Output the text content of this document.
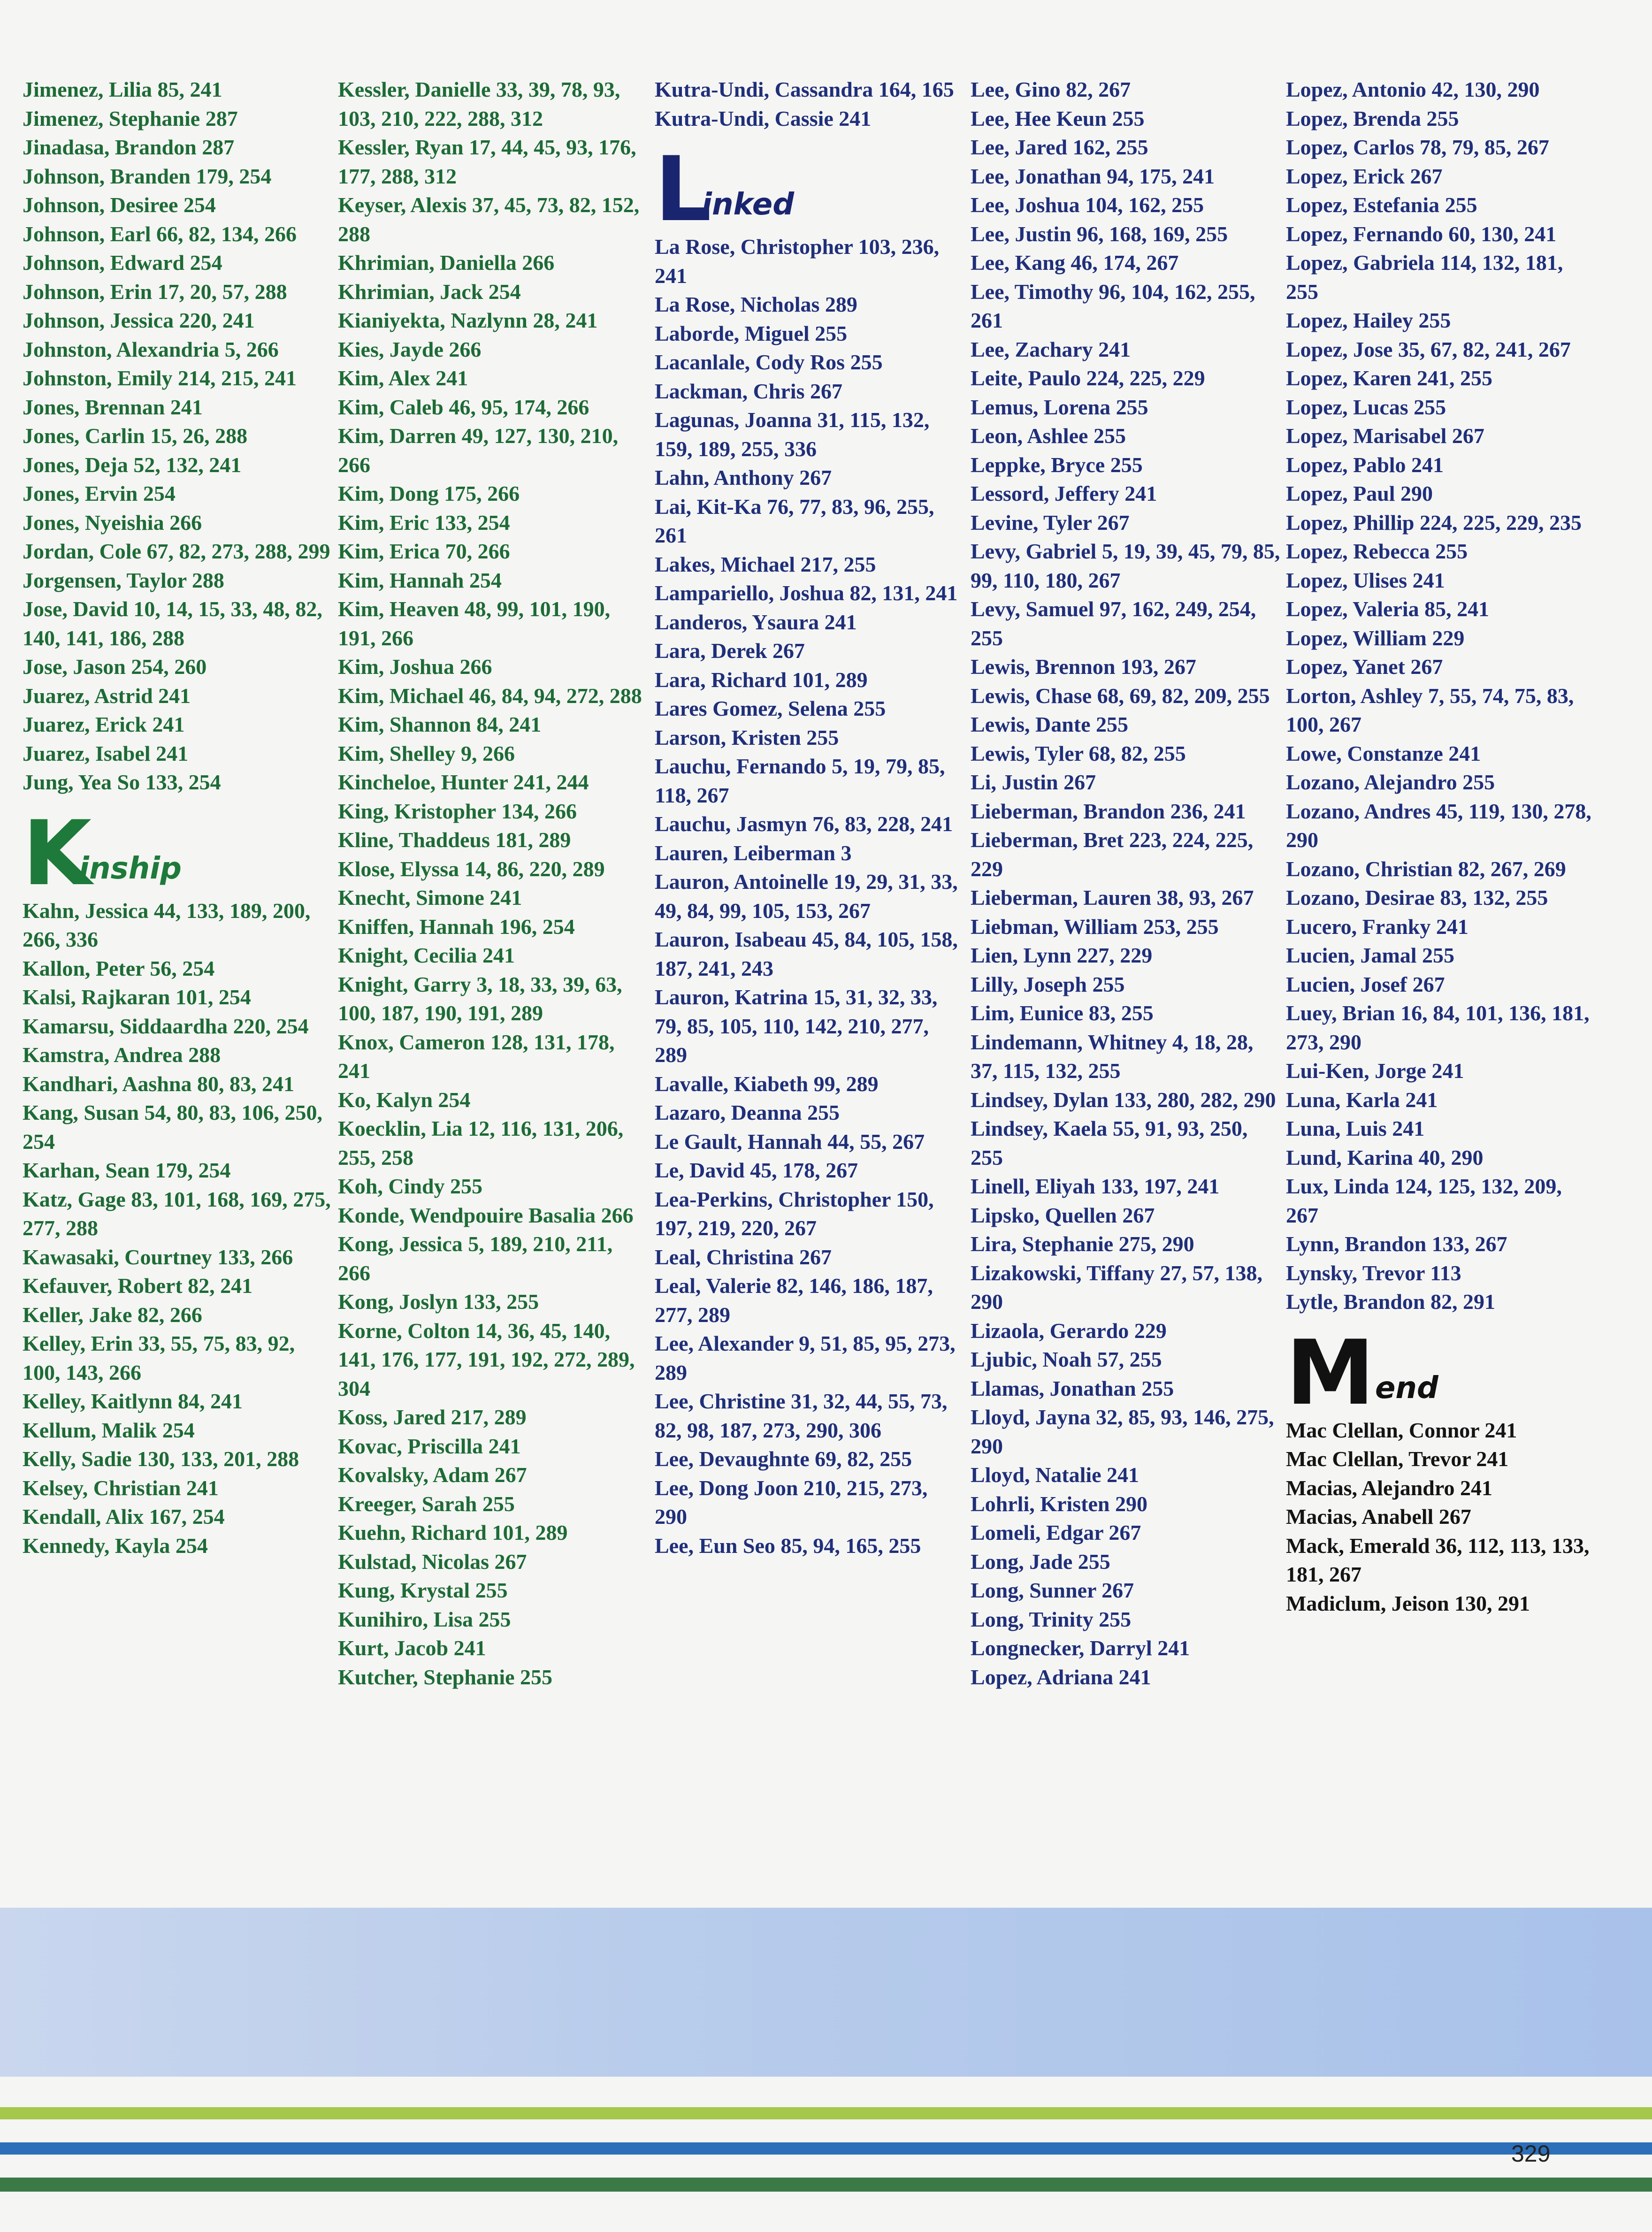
Jimenez, Lilia 85, 241
Jimenez, Stephanie 287
Jinadasa, Brandon 287
Johnson, Branden 179, 254
Johnson, Desiree 254
Johnson, Earl 66, 82, 134, 266
Johnson, Edward 254
Johnson, Erin 17, 20, 57, 288
Johnson, Jessica 220, 241
Johnston, Alexandria 5, 266
Johnston, Emily 214, 215, 241
Jones, Brennan 241
Jones, Carlin 15, 26, 288
Jones, Deja 52, 132, 241
Jones, Ervin 254
Jones, Nyeishia 266
Jordan, Cole 67, 82, 273, 288, 299
Jorgensen, Taylor 288
Jose, David 10, 14, 15, 33, 48, 82, 140, 141, 186, 288
Jose, Jason 254, 260
Juarez, Astrid 241
Juarez, Erick 241
Juarez, Isabel 241
Jung, Yea So 133, 254
K
inship
Kahn, Jessica 44, 133, 189, 200, 266, 336
Kallon, Peter 56, 254
Kalsi, Rajkaran 101, 254
Kamarsu, Siddaardha 220, 254
Kamstra, Andrea 288
Kandhari, Aashna 80, 83, 241
Kang, Susan 54, 80, 83, 106, 250, 254
Karhan, Sean 179, 254
Katz, Gage 83, 101, 168, 169, 275, 277, 288
Kawasaki, Courtney 133, 266
Kefauver, Robert 82, 241
Keller, Jake 82, 266
Kelley, Erin 33, 55, 75, 83, 92, 100, 143, 266
Kelley, Kaitlynn 84, 241
Kellum, Malik 254
Kelly, Sadie 130, 133, 201, 288
Kelsey, Christian 241
Kendall, Alix 167, 254
Kennedy, Kayla 254
Kessler, Danielle 33, 39, 78, 93, 103, 210, 222, 288, 312
Kessler, Ryan 17, 44, 45, 93, 176, 177, 288, 312
Keyser, Alexis 37, 45, 73, 82, 152, 288
Khrimian, Daniella 266
Khrimian, Jack 254
Kianiyekta, Nazlynn 28, 241
Kies, Jayde 266
Kim, Alex 241
Kim, Caleb 46, 95, 174, 266
Kim, Darren 49, 127, 130, 210, 266
Kim, Dong 175, 266
Kim, Eric 133, 254
Kim, Erica 70, 266
Kim, Hannah 254
Kim, Heaven 48, 99, 101, 190, 191, 266
Kim, Joshua 266
Kim, Michael 46, 84, 94, 272, 288
Kim, Shannon 84, 241
Kim, Shelley 9, 266
Kincheloe, Hunter 241, 244
King, Kristopher 134, 266
Kline, Thaddeus 181, 289
Klose, Elyssa 14, 86, 220, 289
Knecht, Simone 241
Kniffen, Hannah 196, 254
Knight, Cecilia 241
Knight, Garry 3, 18, 33, 39, 63, 100, 187, 190, 191, 289
Knox, Cameron 128, 131, 178, 241
Ko, Kalyn 254
Koecklin, Lia 12, 116, 131, 206, 255, 258
Koh, Cindy 255
Konde, Wendpouire Basalia 266
Kong, Jessica 5, 189, 210, 211, 266
Kong, Joslyn 133, 255
Korne, Colton 14, 36, 45, 140, 141, 176, 177, 191, 192, 272, 289, 304
Koss, Jared 217, 289
Kovac, Priscilla 241
Kovalsky, Adam 267
Kreeger, Sarah 255
Kuehn, Richard 101, 289
Kulstad, Nicolas 267
Kung, Krystal 255
Kunihiro, Lisa 255
Kurt, Jacob 241
Kutcher, Stephanie 255
Kutra-Undi, Cassandra 164, 165
Kutra-Undi, Cassie 241
L
inked
La Rose, Christopher 103, 236, 241
La Rose, Nicholas 289
Laborde, Miguel 255
Lacanlale, Cody Ros 255
Lackman, Chris 267
Lagunas, Joanna 31, 115, 132, 159, 189, 255, 336
Lahn, Anthony 267
Lai, Kit-Ka 76, 77, 83, 96, 255, 261
Lakes, Michael 217, 255
Lampariello, Joshua 82, 131, 241
Landeros, Ysaura 241
Lara, Derek 267
Lara, Richard 101, 289
Lares Gomez, Selena 255
Larson, Kristen 255
Lauchu, Fernando 5, 19, 79, 85, 118, 267
Lauchu, Jasmyn 76, 83, 228, 241
Lauren, Leiberman 3
Lauron, Antoinelle 19, 29, 31, 33, 49, 84, 99, 105, 153, 267
Lauron, Isabeau 45, 84, 105, 158, 187, 241, 243
Lauron, Katrina 15, 31, 32, 33, 79, 85, 105, 110, 142, 210, 277, 289
Lavalle, Kiabeth 99, 289
Lazaro, Deanna 255
Le Gault, Hannah 44, 55, 267
Le, David 45, 178, 267
Lea-Perkins, Christopher 150, 197, 219, 220, 267
Leal, Christina 267
Leal, Valerie 82, 146, 186, 187, 277, 289
Lee, Alexander 9, 51, 85, 95, 273, 289
Lee, Christine 31, 32, 44, 55, 73, 82, 98, 187, 273, 290, 306
Lee, Devaughnte 69, 82, 255
Lee, Dong Joon 210, 215, 273, 290
Lee, Eun Seo 85, 94, 165, 255
Lee, Gino 82, 267
Lee, Hee Keun 255
Lee, Jared 162, 255
Lee, Jonathan 94, 175, 241
Lee, Joshua 104, 162, 255
Lee, Justin 96, 168, 169, 255
Lee, Kang 46, 174, 267
Lee, Timothy 96, 104, 162, 255, 261
Lee, Zachary 241
Leite, Paulo 224, 225, 229
Lemus, Lorena 255
Leon, Ashlee 255
Leppke, Bryce 255
Lessord, Jeffery 241
Levine, Tyler 267
Levy, Gabriel 5, 19, 39, 45, 79, 85, 99, 110, 180, 267
Levy, Samuel 97, 162, 249, 254, 255
Lewis, Brennon 193, 267
Lewis, Chase 68, 69, 82, 209, 255
Lewis, Dante 255
Lewis, Tyler 68, 82, 255
Li, Justin 267
Lieberman, Brandon 236, 241
Lieberman, Bret 223, 224, 225, 229
Lieberman, Lauren 38, 93, 267
Liebman, William 253, 255
Lien, Lynn 227, 229
Lilly, Joseph 255
Lim, Eunice 83, 255
Lindemann, Whitney 4, 18, 28, 37, 115, 132, 255
Lindsey, Dylan 133, 280, 282, 290
Lindsey, Kaela 55, 91, 93, 250, 255
Linell, Eliyah 133, 197, 241
Lipsko, Quellen 267
Lira, Stephanie 275, 290
Lizakowski, Tiffany 27, 57, 138, 290
Lizaola, Gerardo 229
Ljubic, Noah 57, 255
Llamas, Jonathan 255
Lloyd, Jayna 32, 85, 93, 146, 275, 290
Lloyd, Natalie 241
Lohrli, Kristen 290
Lomeli, Edgar 267
Long, Jade 255
Long, Sunner 267
Long, Trinity 255
Longnecker, Darryl 241
Lopez, Adriana 241
Lopez, Antonio 42, 130, 290
Lopez, Brenda 255
Lopez, Carlos 78, 79, 85, 267
Lopez, Erick 267
Lopez, Estefania 255
Lopez, Fernando 60, 130, 241
Lopez, Gabriela 114, 132, 181, 255
Lopez, Hailey 255
Lopez, Jose 35, 67, 82, 241, 267
Lopez, Karen 241, 255
Lopez, Lucas 255
Lopez, Marisabel 267
Lopez, Pablo 241
Lopez, Paul 290
Lopez, Phillip 224, 225, 229, 235
Lopez, Rebecca 255
Lopez, Ulises 241
Lopez, Valeria 85, 241
Lopez, William 229
Lopez, Yanet 267
Lorton, Ashley 7, 55, 74, 75, 83, 100, 267
Lowe, Constanze 241
Lozano, Alejandro 255
Lozano, Andres 45, 119, 130, 278, 290
Lozano, Christian 82, 267, 269
Lozano, Desirae 83, 132, 255
Lucero, Franky 241
Lucien, Jamal 255
Lucien, Josef 267
Luey, Brian 16, 84, 101, 136, 181, 273, 290
Lui-Ken, Jorge 241
Luna, Karla 241
Luna, Luis 241
Lund, Karina 40, 290
Lux, Linda 124, 125, 132, 209, 267
Lynn, Brandon 133, 267
Lynsky, Trevor 113
Lytle, Brandon 82, 291
M end
Mac Clellan, Connor 241
Mac Clellan, Trevor 241
Macias, Alejandro 241
Macias, Anabell 267
Mack, Emerald 36, 112, 113, 133, 181, 267
Madiclum, Jeison 130, 291
329
